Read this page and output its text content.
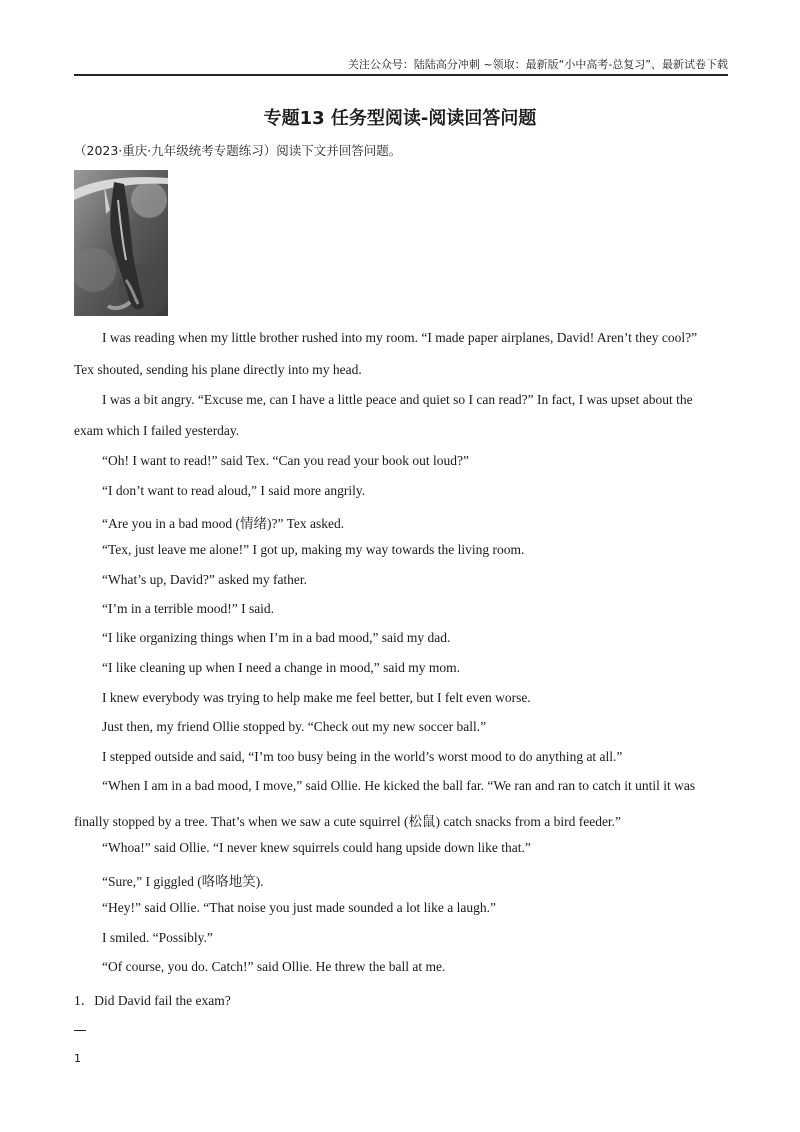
关注公众号：陆陆高分冲刺 ~领取：最新版“小中高考-总复习”、最新试卷下载
专题13 任务型阅读-阅读回答问题
（2023·重庆·九年级统考专题练习）阅读下文并回答问题。

I was reading when my little brother rushed into my room. “I made paper airplanes, David! Aren’t they cool?”

Tex shouted, sending his plane directly into my head.

I was a bit angry. “Excuse me, can I have a little peace and quiet so I can read?” In fact, I was upset about the

exam which I failed yesterday.

“Oh! I want to read!” said Tex. “Can you read your book out loud?”

“I don’t want to read aloud,” I said more angrily.

“Are you in a bad mood (情绪)?” Tex asked.

“Tex, just leave me alone!” I got up, making my way towards the living room.

“What’s up, David?” asked my father.

“I’m in a terrible mood!” I said.

“I like organizing things when I’m in a bad mood,” said my dad.

“I like cleaning up when I need a change in mood,” said my mom.

I knew everybody was trying to help make me feel better, but I felt even worse.

Just then, my friend Ollie stopped by. “Check out my new soccer ball.”

I stepped outside and said, “I’m too busy being in the world’s worst mood to do anything at all.”

“When I am in a bad mood, I move,” said Ollie. He kicked the ball far. “We ran and ran to catch it until it was

finally stopped by a tree. That’s when we saw a cute squirrel (松鼠) catch snacks from a bird feeder.”

“Whoa!” said Ollie. “I never knew squirrels could hang upside down like that.”

“Sure,” I giggled (咯咯地笑).

“Hey!” said Ollie. “That noise you just made sounded a lot like a laugh.”

I smiled. “Possibly.”

“Of course, you do. Catch!” said Ollie. He threw the ball at me.

1．Did David fail the exam?
1
